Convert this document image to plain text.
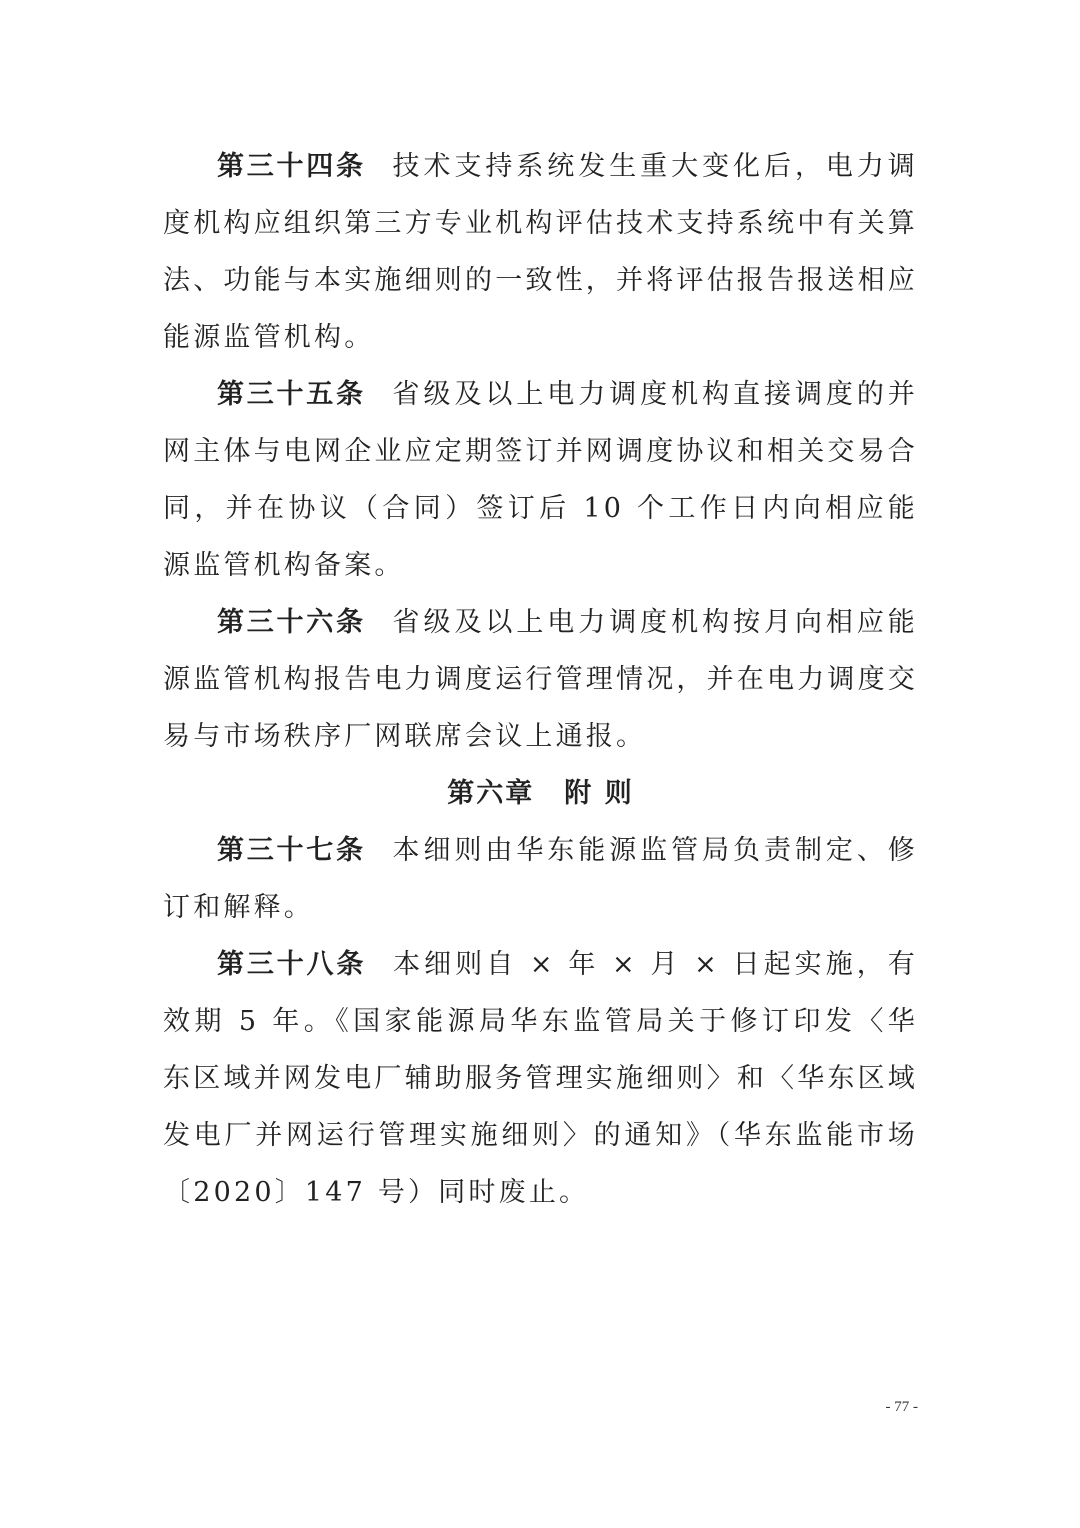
第三十四条 技术支持系统发生重大变化后，电力调度机构应组织第三方专业机构评估技术支持系统中有关算法、功能与本实施细则的一致性，并将评估报告报送相应能源监管机构。

第三十五条 省级及以上电力调度机构直接调度的并网主体与电网企业应定期签订并网调度协议和相关交易合同，并在协议（合同）签订后 10 个工作日内向相应能源监管机构备案。

第三十六条 省级及以上电力调度机构按月向相应能源监管机构报告电力调度运行管理情况，并在电力调度交易与市场秩序厂网联席会议上通报。

第六章 附 则

第三十七条 本细则由华东能源监管局负责制定、修订和解释。

第三十八条 本细则自 × 年 × 月 × 日起实施，有效期 5 年。《国家能源局华东监管局关于修订印发〈华东区域并网发电厂辅助服务管理实施细则〉和〈华东区域发电厂并网运行管理实施细则〉的通知》（华东监能市场〔2020〕147 号）同时废止。

- 77 -
